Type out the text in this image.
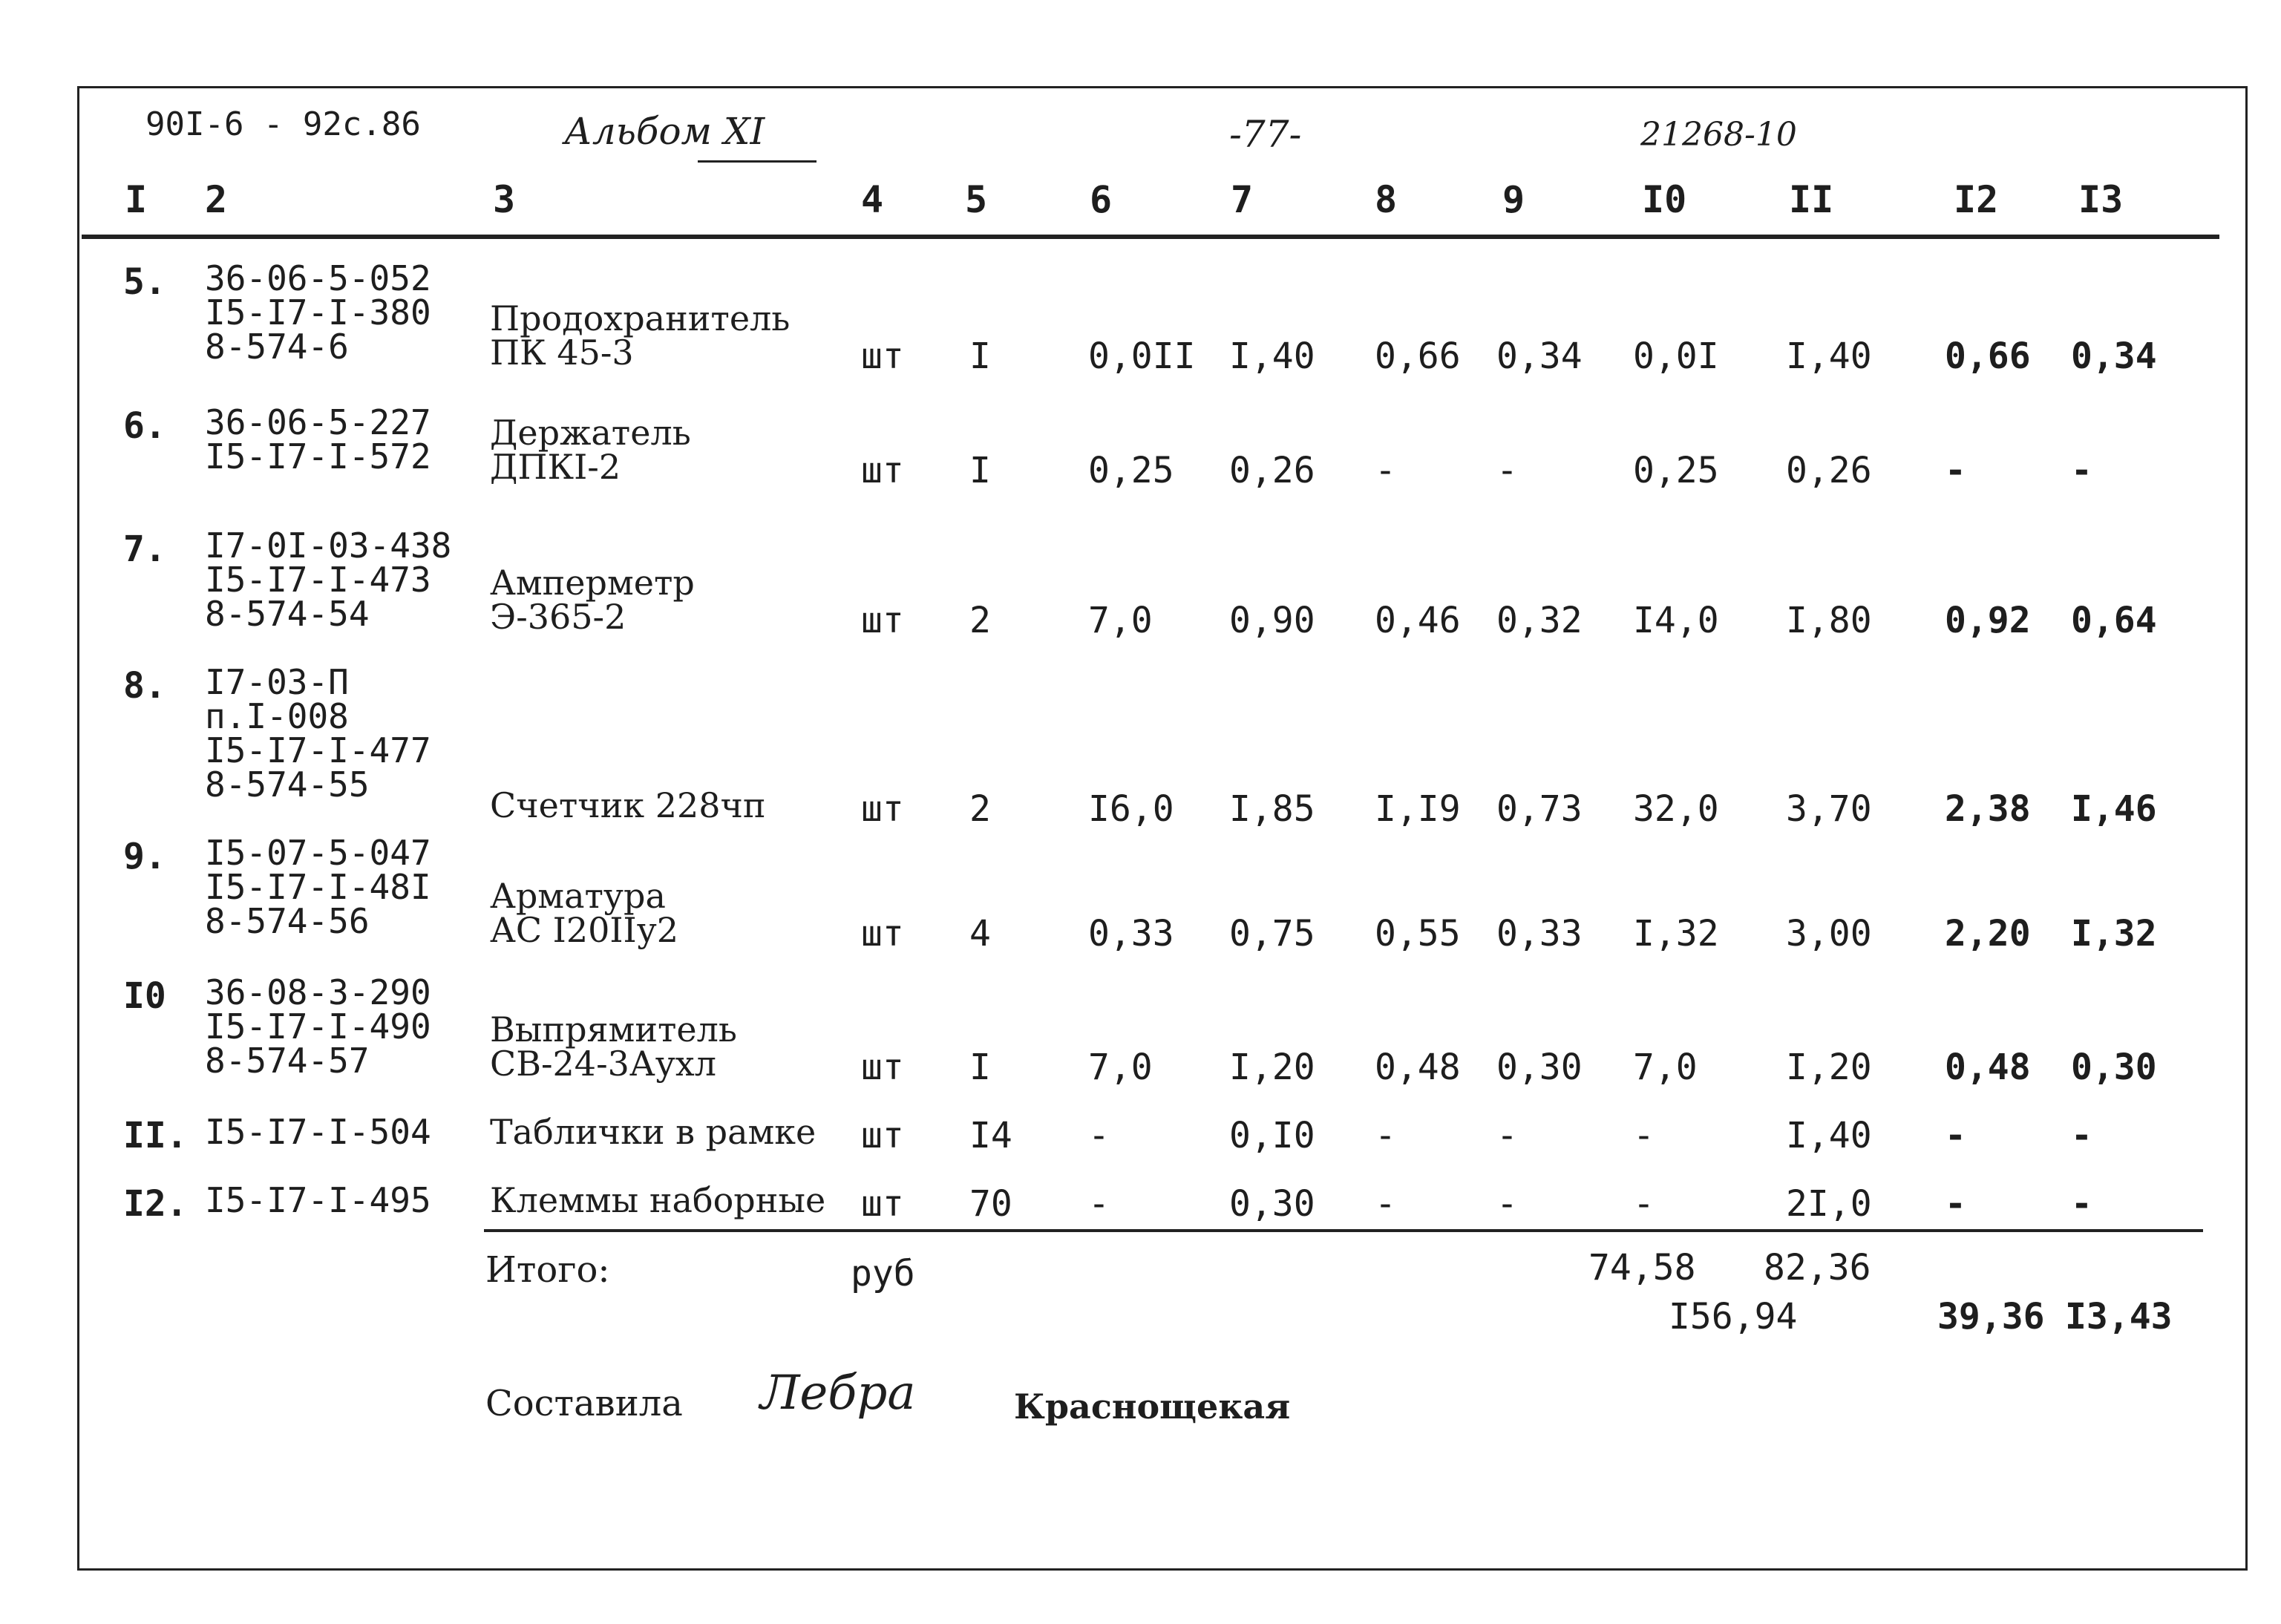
90I-6 - 92c.86	Альбом XI	-77-	21268-10
I 2	3	4 5	6	7	8	9	I0	II	I2 I3
5. 36-06-5-052
I5-I7-I-380
8-574-6
Продохранитель
ПК 45-3	шт I	0,0II I,40 0,66 0,34 0,0I I,40 0,66 0,34
6. 36-06-5-227
I5-I7-I-572
Держатель
ДПКI-2	шт I	0,25 0,26 -	-	0,25 0,26 -	-
7. I7-0I-03-438
I5-I7-I-473
8-574-54
Амперметр
Э-365-2	шт 2	7,0 0,90 0,46 0,32 I4,0 I,80 0,92 0,64
8. I7-03-П
п.I-008
I5-I7-I-477
8-574-55
Счетчик 228чп	шт 2	I6,0 I,85 I,I9 0,73 32,0 3,70 2,38 I,46
9. I5-07-5-047
I5-I7-I-48I
8-574-56
Арматура
АС I20IIу2	шт 4	0,33 0,75 0,55 0,33 I,32 3,00 2,20 I,32
I0 36-08-3-290
I5-I7-I-490
8-574-57
Выпрямитель
СВ-24-3Аухл	шт I	7,0 I,20 0,48 0,30 7,0 I,20 0,48 0,30
II. I5-I7-I-504 Таблички в рамке шт I4 -	0,I0 -	-	-	I,40 -	-
I2. I5-I7-I-495 Клеммы наборные шт 70 -	0,30 -	-	-	2I,0 -	-
Итого:	руб	74,58 82,36
I56,94	39,36 I3,43
Составила Лебра	Краснощекая
